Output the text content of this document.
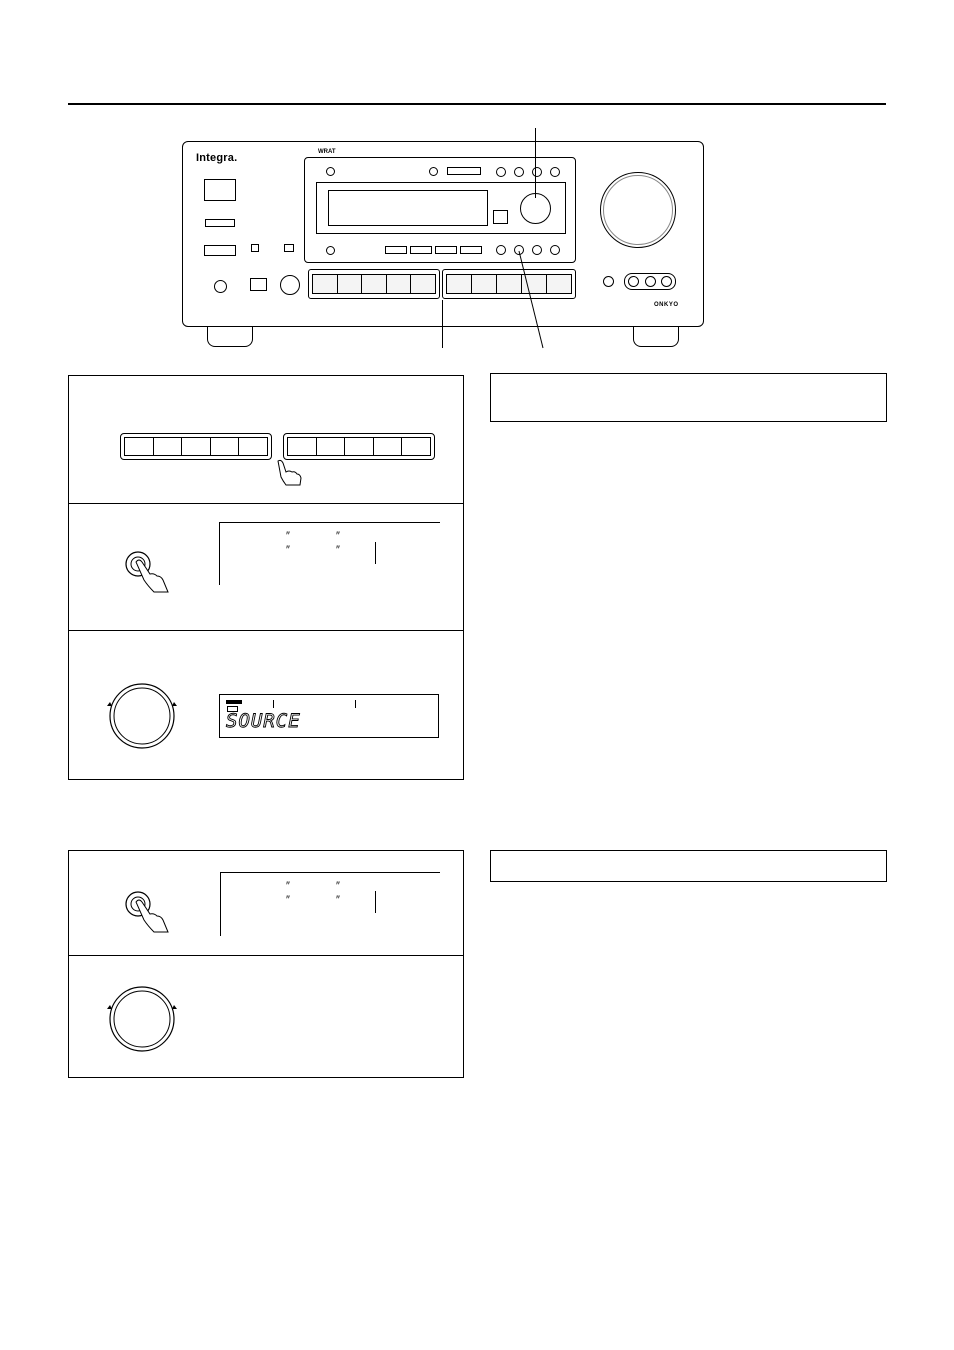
Integra.
ONKYO
WRAT
″	″
″	″
SOURCE
″	″
″	″
